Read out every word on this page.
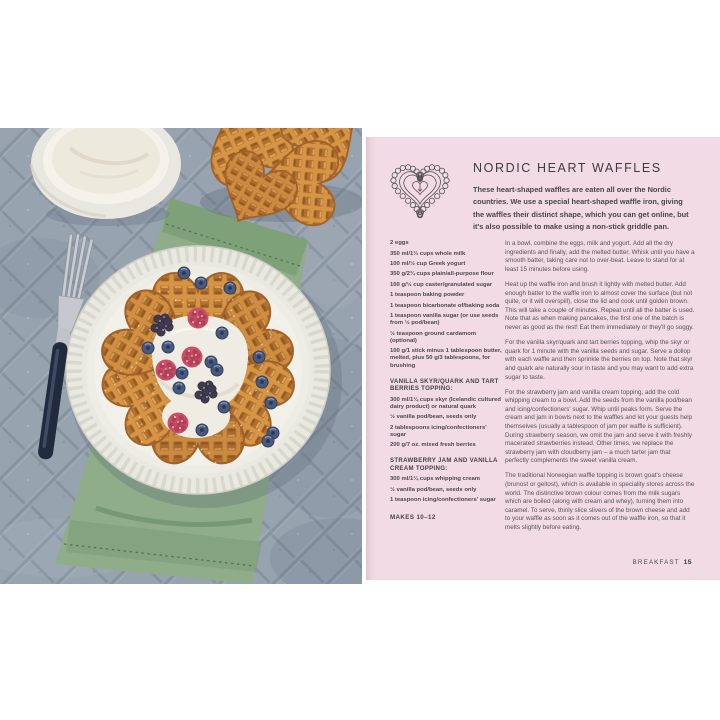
NORDIC HEART WAFFLES

These heart-shaped waffles are eaten all over the Nordic countries. We use a special heart-shaped waffle iron, giving the waffles their distinct shape, which you can get online, but it's also possible to make using a non-stick griddle pan.

2 eggs
350 ml/1⅓ cups whole milk
100 ml/½ cup Greek yogurt
350 g/2¾ cups plain/all-purpose flour
100 g/½ cup caster/granulated sugar
1 teaspoon baking powder
1 teaspoon bicarbonate of/baking soda
1 teaspoon vanilla sugar (or use seeds from ½ pod/bean)
½ teaspoon ground cardamom (optional)
100 g/1 stick minus 1 tablespoon butter, melted, plus 50 g/3 tablespoons, for brushing
VANILLA SKYR/QUARK AND TART BERRIES TOPPING:
300 ml/1¼ cups skyr (Icelandic cultured dairy product) or natural quark
½ vanilla pod/bean, seeds only
2 tablespoons icing/confectioners' sugar
200 g/7 oz. mixed fresh berries
STRAWBERRY JAM AND VANILLA CREAM TOPPING:
300 ml/1¼ cups whipping cream
½ vanilla pod/bean, seeds only
1 teaspoon icing/confectioners' sugar
MAKES 10–12

In a bowl, combine the eggs, milk and yogurt. Add all the dry ingredients and finally, add the melted butter. Whisk until you have a smooth batter, taking care not to over-beat. Leave to stand for at least 15 minutes before using.

Heat up the waffle iron and brush it lightly with melted butter. Add enough batter to the waffle iron to almost cover the surface (but not quite, or it will overspill), close the lid and cook until golden brown. This will take a couple of minutes. Repeat until all the batter is used. Note that as when making pancakes, the first one of the batch is never as good as the rest! Eat them immediately or they'll go soggy.

For the vanilla skyr/quark and tart berries topping, whip the skyr or quark for 1 minute with the vanilla seeds and sugar. Serve a dollop with each waffle and then sprinkle the berries on top. Note that skyr and quark are naturally sour in taste and you may want to add extra sugar to taste.

For the strawberry jam and vanilla cream topping, add the cold whipping cream to a bowl. Add the seeds from the vanilla pod/bean and icing/confectioners' sugar. Whip until peaks form. Serve the cream and jam in bowls next to the waffles and let your guests help themselves (usually a tablespoon of jam per waffle is sufficient). During strawberry season, we omit the jam and serve it with freshly macerated strawberries instead. Other times, we replace the strawberry jam with cloudberry jam – a much tarter jam that perfectly complements the sweet vanilla cream.

The traditional Norwegian waffle topping is brown goat's cheese (brunost or geitost), which is available in speciality stores across the world. The distinctive brown colour comes from the milk sugars which are boiled (along with cream and whey), turning them into caramel. To serve, thinly slice slivers of the brown cheese and add to your waffle as soon as it comes out of the waffle iron, so that it melts slightly before eating.

BREAKFAST 15
